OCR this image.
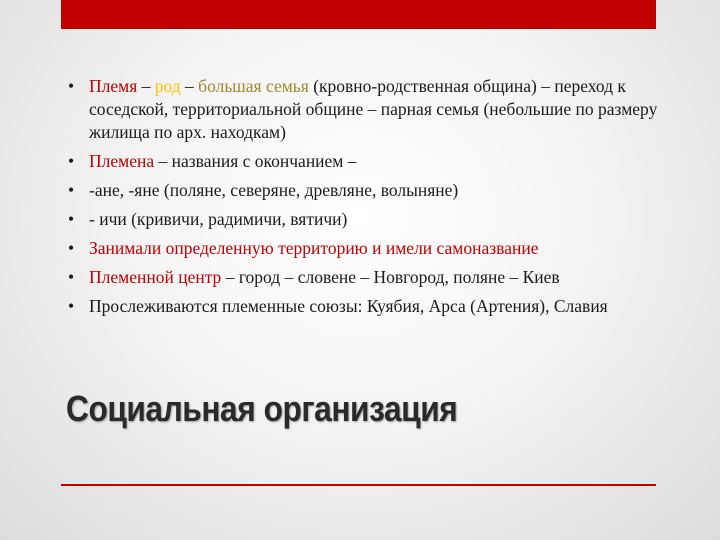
• Племя – род – большая семья (кровно-родственная община) – переход к соседской, территориальной общине – парная семья (небольшие по размеру жилища по арх. находкам)
• Племена – названия с окончанием –
• -ане, -яне (поляне, северяне, древляне, волыняне)
• - ичи (кривичи, радимичи, вятичи)
• Занимали определенную территорию и имели самоназвание
• Племенной центр – город – словене – Новгород, поляне – Киев
• Прослеживаются племенные союзы: Куябия, Арса (Артения), Славия
Социальная организация
